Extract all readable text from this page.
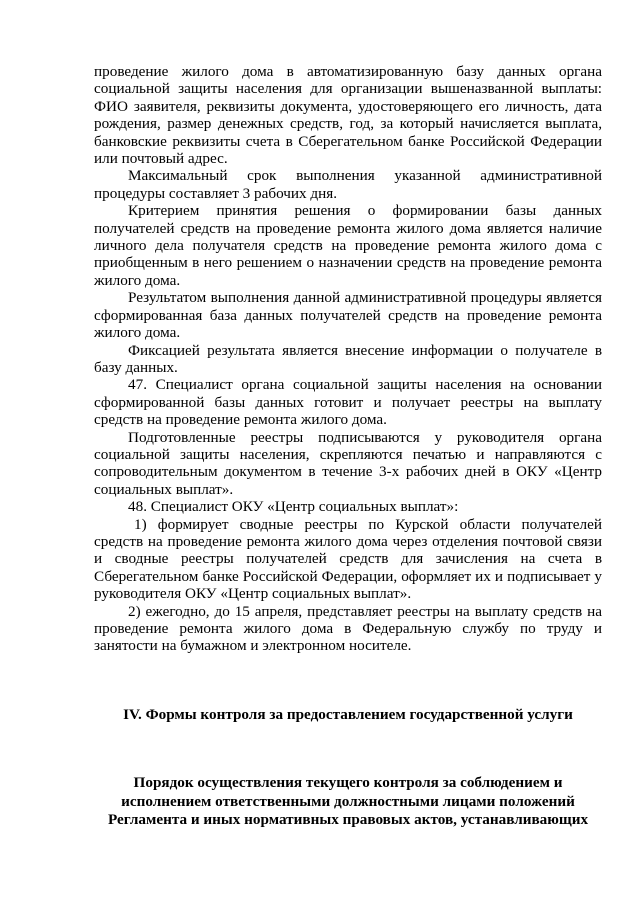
проведение жилого дома в автоматизированную базу данных органа социальной защиты населения для организации вышеназванной выплаты: ФИО заявителя, реквизиты документа, удостоверяющего его личность, дата рождения, размер денежных средств, год, за который начисляется выплата, банковские реквизиты счета в Сберегательном банке Российской Федерации или почтовый адрес.

Максимальный срок выполнения указанной административной процедуры составляет 3 рабочих дня.

Критерием принятия решения о формировании базы данных получателей средств на проведение ремонта жилого дома является наличие личного дела получателя средств на проведение ремонта жилого дома с приобщенным в него решением о назначении средств на проведение ремонта жилого дома.

Результатом выполнения данной административной процедуры является сформированная база данных получателей средств на проведение ремонта жилого дома.

Фиксацией результата является внесение информации о получателе в базу данных.

47. Специалист органа социальной защиты населения на основании сформированной базы данных готовит и получает реестры на выплату средств на проведение ремонта жилого дома.

Подготовленные реестры подписываются у руководителя органа социальной защиты населения, скрепляются печатью и направляются с сопроводительным документом в течение 3-х рабочих дней в ОКУ «Центр социальных выплат».

48. Специалист ОКУ «Центр социальных выплат»:

1) формирует сводные реестры по Курской области получателей средств на проведение ремонта жилого дома через отделения почтовой связи и сводные реестры получателей средств для зачисления на счета в Сберегательном банке Российской Федерации, оформляет их и подписывает у руководителя ОКУ «Центр социальных выплат».

2) ежегодно, до 15 апреля, представляет реестры на выплату средств на проведение ремонта жилого дома в Федеральную службу по труду и занятости на бумажном и электронном носителе.

IV. Формы контроля за предоставлением государственной услуги
Порядок осуществления текущего контроля за соблюдением и
исполнением ответственными должностными лицами положений
Регламента и иных нормативных правовых актов, устанавливающих
